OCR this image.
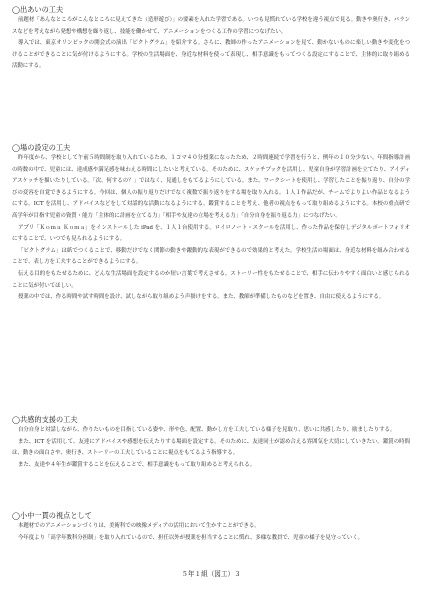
◯出あいの工夫

前題材「あんなところがこんなところに見えてきた（造形遊び）」の要素を入れた学習である。いつも見慣れている学校を違う視点で見る。動きや奥行き、バランスなどを考えながら発想や構想を繰り返し、技能を働かせて、アニメーションをつくる工作の学習につなげたい。

導入では、東京オリンピックの開会式の演出「ピクトグラム」を紹介する。さらに、教師の作ったアニメーションを見て、動かないものに楽しい動きや変化をつけることができることに気が付けるようにする。学校の生活場面を、身近な材料を使って表現し、相手意識をもってつくる設定にすることで、主体的に取り組める活動にする。

◯場の設定の工夫

昨年度から、学校として午前５時間制を取り入れているため、１コマ４０分授業になったため、２時間連続で学習を行うと、例年の１０分少ない。年間指導計画の時数の中で、児童には、達成感や満足感を味わえる時間にしたいと考えている。そのために、スケッチブックを活用し、児童自身が学習計画を立てたり、アイディアスケッチを描いたりしている。「次、何するの？」ではなく、見通しをもてるようにしている。また、ワークシートを使用し、学習したことを振り返り、自分の学びの変容を自覚できるようにする。今回は、個人の振り返りだけでなく複数で振り返りをする場を取り入れる。１人１作品だが、チームでよりよい作品となるようにする。ICT を活用し、アドバイスなどをして対話的な活動になるようにする。鑑賞することを考え、他者の視点をもって取り組めるようにする。本校の重点研で高学年が目指す児童の資質・能力「主体的に計画を立てる力」「相手や友達の立場を考える力」「自分自身を振り返る力」につなげたい。

アプリ「Ｋｏｍａ Ｋｏｍａ」をインストールした iPad を、１人１台使用する。ロイロノート・スクールを活用し、作った作品を保存しデジタルポートフォリオにすることで、いつでも見られるようにする。

「ピクトグラム」は紙でつくることで、移動だけでなく関節の動きや躍動的な表現ができるので効果的と考えた。学校生活の場面は、身近な材料を組み合わせることで、表し方を工夫することができるようにする。

伝える目的をもたせるために、どんな生活場面を設定するのか短い言葉で考えさせる。ストーリー性をもたせることで、相手に伝わりやすく面白いと感じられることに気が付いてほしい。

授業の中では、作る時間や試す時間を設け、試しながら取り組めよう声掛けをする。また、教師が準備したものなどを置き、自由に使えるようにする。

◯共感的支援の工夫

自分自身と対話しながら、作りたいものを目指している姿や、形や色、配置、動かし方を工夫している様子を見取り、思いに共感したり、励ましたりする。

また、ICT を活用して、友達にアドバイスや感想を伝えたりする場面を設定する。そのために、友達同士が認め合える雰囲気を大切にしていきたい。鑑賞の時間は、動きの面白さや、奥行き、ストーリーの工夫していることに視点をもてるよう指導する。

また、友達や４年生が鑑賞することを伝えることで、相手意識をもって取り組めると考えられる。

◯小中一貫の視点として

本題材でのアニメーションづくりは、美術科での映像メディアの活用において生かすことができる。

今年度より「高学年教科分担制」を取り入れているので、担任以外が授業を担当することに慣れ、多様な教員で、児童の様子を見守っていく。

５年１組（図工）３
